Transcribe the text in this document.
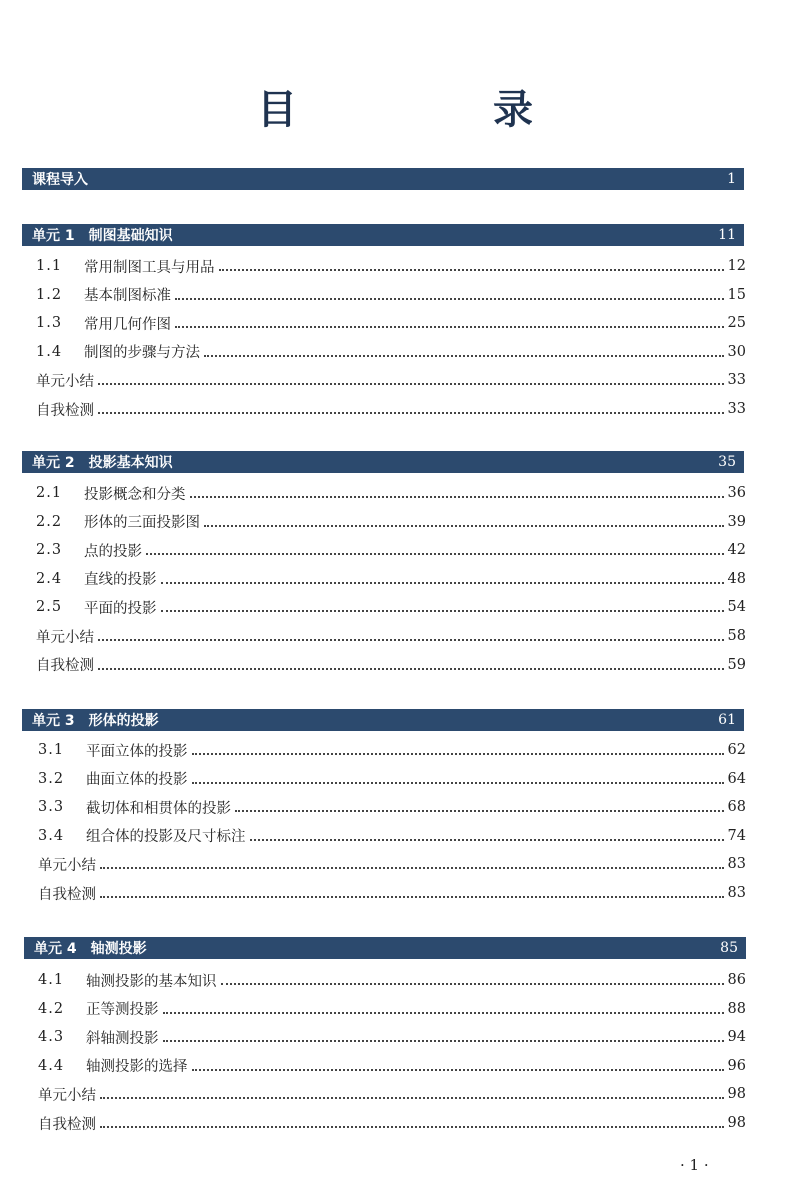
目　录
课程导入	1
单元 1　制图基础知识	11
1.1	常用制图工具与用品	12
1.2	基本制图标准	15
1.3	常用几何作图	25
1.4	制图的步骤与方法	30
单元小结	33
自我检测	33
单元 2　投影基本知识	35
2.1	投影概念和分类	36
2.2	形体的三面投影图	39
2.3	点的投影	42
2.4	直线的投影	48
2.5	平面的投影	54
单元小结	58
自我检测	59
单元 3　形体的投影	61
3.1	平面立体的投影	62
3.2	曲面立体的投影	64
3.3	截切体和相贯体的投影	68
3.4	组合体的投影及尺寸标注	74
单元小结	83
自我检测	83
单元 4　轴测投影	85
4.1	轴测投影的基本知识	86
4.2	正等测投影	88
4.3	斜轴测投影	94
4.4	轴测投影的选择	96
单元小结	98
自我检测	98
· 1 ·
